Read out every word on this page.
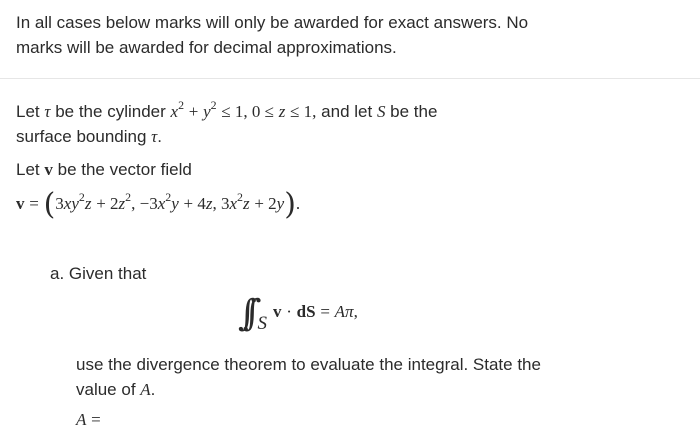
In all cases below marks will only be awarded for exact answers. No marks will be awarded for decimal approximations.
Let τ be the cylinder $x^2 + y^2 \le 1$, 0 ≤ z ≤ 1, and let S be the
surface bounding τ.
Let v be the vector field
$v = (3xy^2z + 2z^2$, $-3x^2y + 4z$, $3x^2z + 2y$).
a. Given that
∫∫ Sv · dS = Aπ,
use the divergence theorem to evaluate the integral. State the value of A.
A =
